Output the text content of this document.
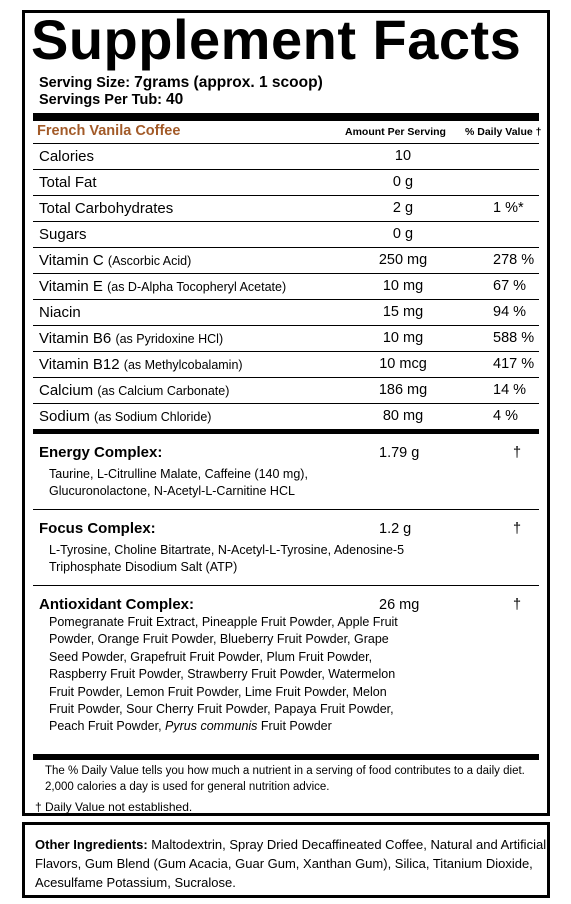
Supplement Facts
Serving Size: 7grams (approx. 1 scoop)
Servings Per Tub: 40
French Vanila Coffee	Amount Per Serving % Daily Value †
Calories	10
Total Fat	0 g
Total Carbohydrates	2 g	1 %*
Sugars	0 g
Vitamin C (Ascorbic Acid)	250 mg	278 %
Vitamin E (as D-Alpha Tocopheryl Acetate)	10 mg	67 %
Niacin	15 mg	94 %
Vitamin B6 (as Pyridoxine HCl)	10 mg	588 %
Vitamin B12 (as Methylcobalamin)	10 mcg	417 %
Calcium (as Calcium Carbonate)	186 mg	14 %
Sodium (as Sodium Chloride)	80 mg	4 %
Energy Complex:	1.79 g	†
Taurine, L-Citrulline Malate, Caffeine (140 mg), Glucuronolactone, N-Acetyl-L-Carnitine HCL
Focus Complex:	1.2 g	†
L-Tyrosine, Choline Bitartrate, N-Acetyl-L-Tyrosine, Adenosine-5 Triphosphate Disodium Salt (ATP)
Antioxidant Complex:	26 mg	†
Pomegranate Fruit Extract, Pineapple Fruit Powder, Apple Fruit Powder, Orange Fruit Powder, Blueberry Fruit Powder, Grape Seed Powder, Grapefruit Fruit Powder, Plum Fruit Powder, Raspberry Fruit Powder, Strawberry Fruit Powder, Watermelon Fruit Powder, Lemon Fruit Powder, Lime Fruit Powder, Melon Fruit Powder, Sour Cherry Fruit Powder, Papaya Fruit Powder, Peach Fruit Powder, Pyrus communis Fruit Powder
The % Daily Value tells you how much a nutrient in a serving of food contributes to a daily diet. 2,000 calories a day is used for general nutrition advice.
† Daily Value not established.
Other Ingredients: Maltodextrin, Spray Dried Decaffineated Coffee, Natural and Artificial Flavors, Gum Blend (Gum Acacia, Guar Gum, Xanthan Gum), Silica, Titanium Dioxide, Acesulfame Potassium, Sucralose.
